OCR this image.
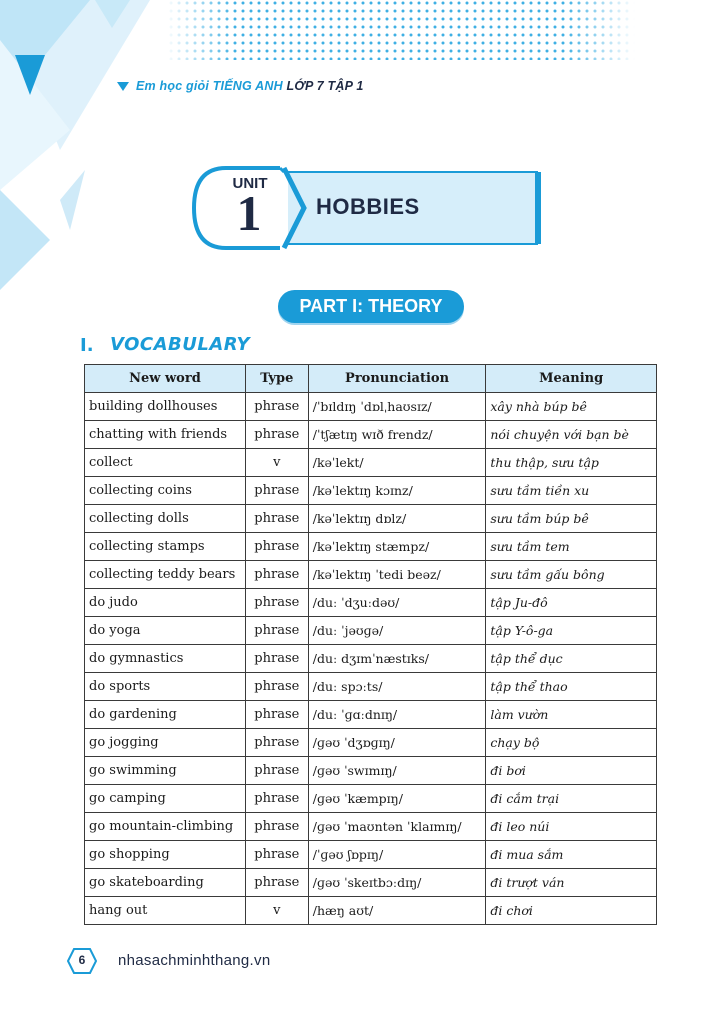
Em học giỏi TIẾNG ANH LỚP 7 TẬP 1
UNIT
1	HOBBIES
PART I: THEORY
I. VOCABULARY
New word	Type	Pronunciation	Meaning
building dollhouses	phrase	/ˈbɪldɪŋ ˈdɒlˌhaʊsɪz/	xây nhà búp bê
chatting with friends	phrase	/ˈtʃætɪŋ wɪð frendz/	nói chuyện với bạn bè
collect	v	/kəˈlekt/	thu thập, sưu tập
collecting coins	phrase	/kəˈlektɪŋ kɔɪnz/	sưu tầm tiền xu
collecting dolls	phrase	/kəˈlektɪŋ dɒlz/	sưu tầm búp bê
collecting stamps	phrase	/kəˈlektɪŋ stæmpz/	sưu tầm tem
collecting teddy bears	phrase	/kəˈlektɪŋ ˈtedi beəz/	sưu tầm gấu bông
do judo	phrase	/duː ˈdʒuːdəʊ/	tập Ju-đô
do yoga	phrase	/duː ˈjəʊɡə/	tập Y-ô-ga
do gymnastics	phrase	/duː dʒɪmˈnæstɪks/	tập thể dục
do sports	phrase	/duː spɔːts/	tập thể thao
do gardening	phrase	/duː ˈɡɑːdnɪŋ/	làm vườn
go jogging	phrase	/ɡəʊ ˈdʒɒɡɪŋ/	chạy bộ
go swimming	phrase	/ɡəʊ ˈswɪmɪŋ/	đi bơi
go camping	phrase	/ɡəʊ ˈkæmpɪŋ/	đi cắm trại
go mountain-climbing	phrase	/ɡəʊ ˈmaʊntən ˈklaɪmɪŋ/	đi leo núi
go shopping	phrase	/ˈɡəʊ ʃɒpɪŋ/	đi mua sắm
go skateboarding	phrase	/ɡəʊ ˈskeɪtbɔːdɪŋ/	đi trượt ván
hang out	v	/hæŋ aʊt/	đi chơi
6	nhasachminhthang.vn
